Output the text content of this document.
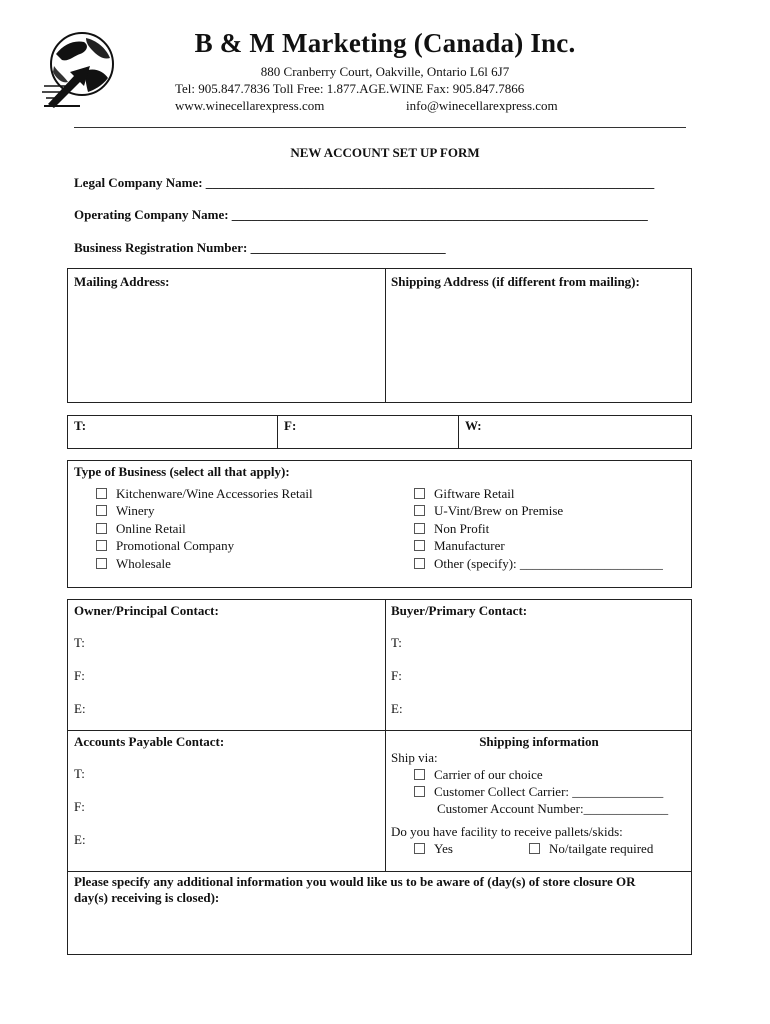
B & M Marketing (Canada) Inc.
880 Cranberry Court, Oakville, Ontario L6l 6J7
Tel: 905.847.7836 Toll Free: 1.877.AGE.WINE Fax: 905.847.7866
www.winecellarexpress.com	info@winecellarexpress.com
NEW ACCOUNT SET UP FORM
Legal Company Name: _____________________________________________________________________
Operating Company Name: ________________________________________________________________
Business Registration Number: ______________________________
Mailing Address:	Shipping Address (if different from mailing):
T:	F:	W:
Type of Business (select all that apply):
Kitchenware/Wine Accessories Retail
Winery
Online Retail
Promotional Company
Wholesale
Giftware Retail
U-Vint/Brew on Premise
Non Profit
Manufacturer
Other (specify): ______________________
Owner/Principal Contact:
T:
F:
E:
Buyer/Primary Contact:
T:
F:
E:
Accounts Payable Contact:
T:
F:
E:
Shipping information
Ship via:
Carrier of our choice
Customer Collect Carrier: ______________
Customer Account Number:_____________
Do you have facility to receive pallets/skids:
Yes	No/tailgate required
Please specify any additional information you would like us to be aware of (day(s) of store closure OR
day(s) receiving is closed):
